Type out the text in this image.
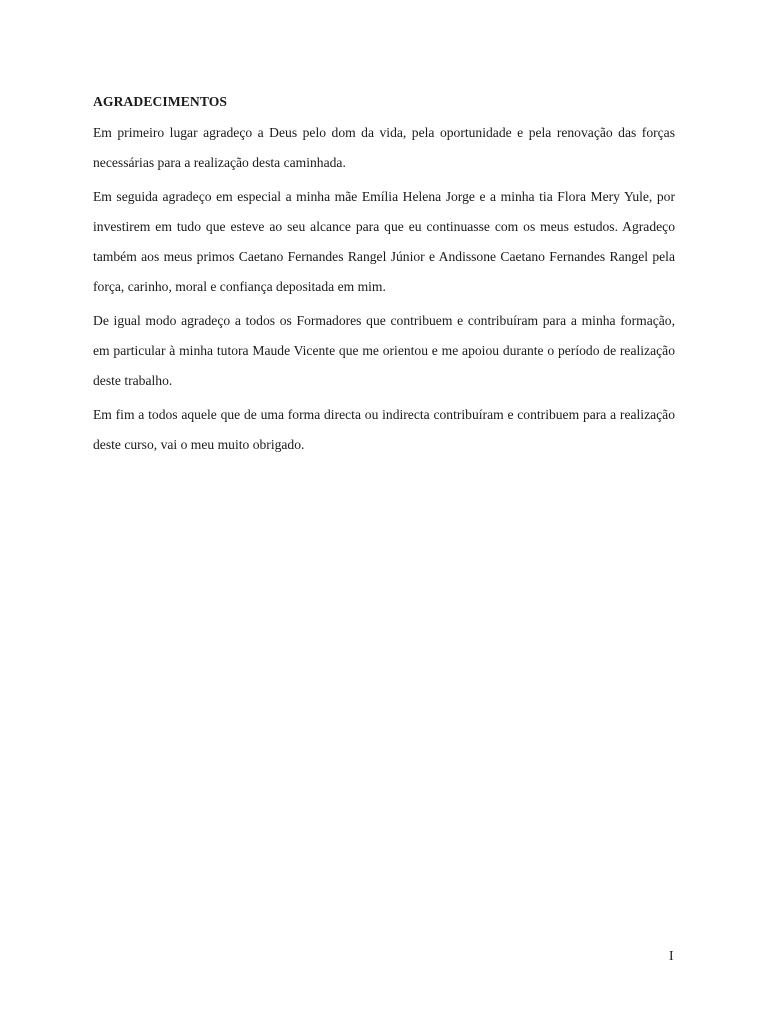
AGRADECIMENTOS

Em primeiro lugar agradeço a Deus pelo dom da vida, pela oportunidade e pela renovação das forças necessárias para a realização desta caminhada.

Em seguida agradeço em especial a minha mãe Emília Helena Jorge e a minha tia Flora Mery Yule, por investirem em tudo que esteve ao seu alcance para que eu continuasse com os meus estudos. Agradeço também aos meus primos Caetano Fernandes Rangel Júnior e Andissone Caetano Fernandes Rangel pela força, carinho, moral e confiança depositada em mim.

De igual modo agradeço a todos os Formadores que contribuem e contribuíram para a minha formação, em particular à minha tutora Maude Vicente que me orientou e me apoiou durante o período de realização deste trabalho.

Em fim a todos aquele que de uma forma directa ou indirecta contribuíram e contribuem para a realização deste curso, vai o meu muito obrigado.

I
